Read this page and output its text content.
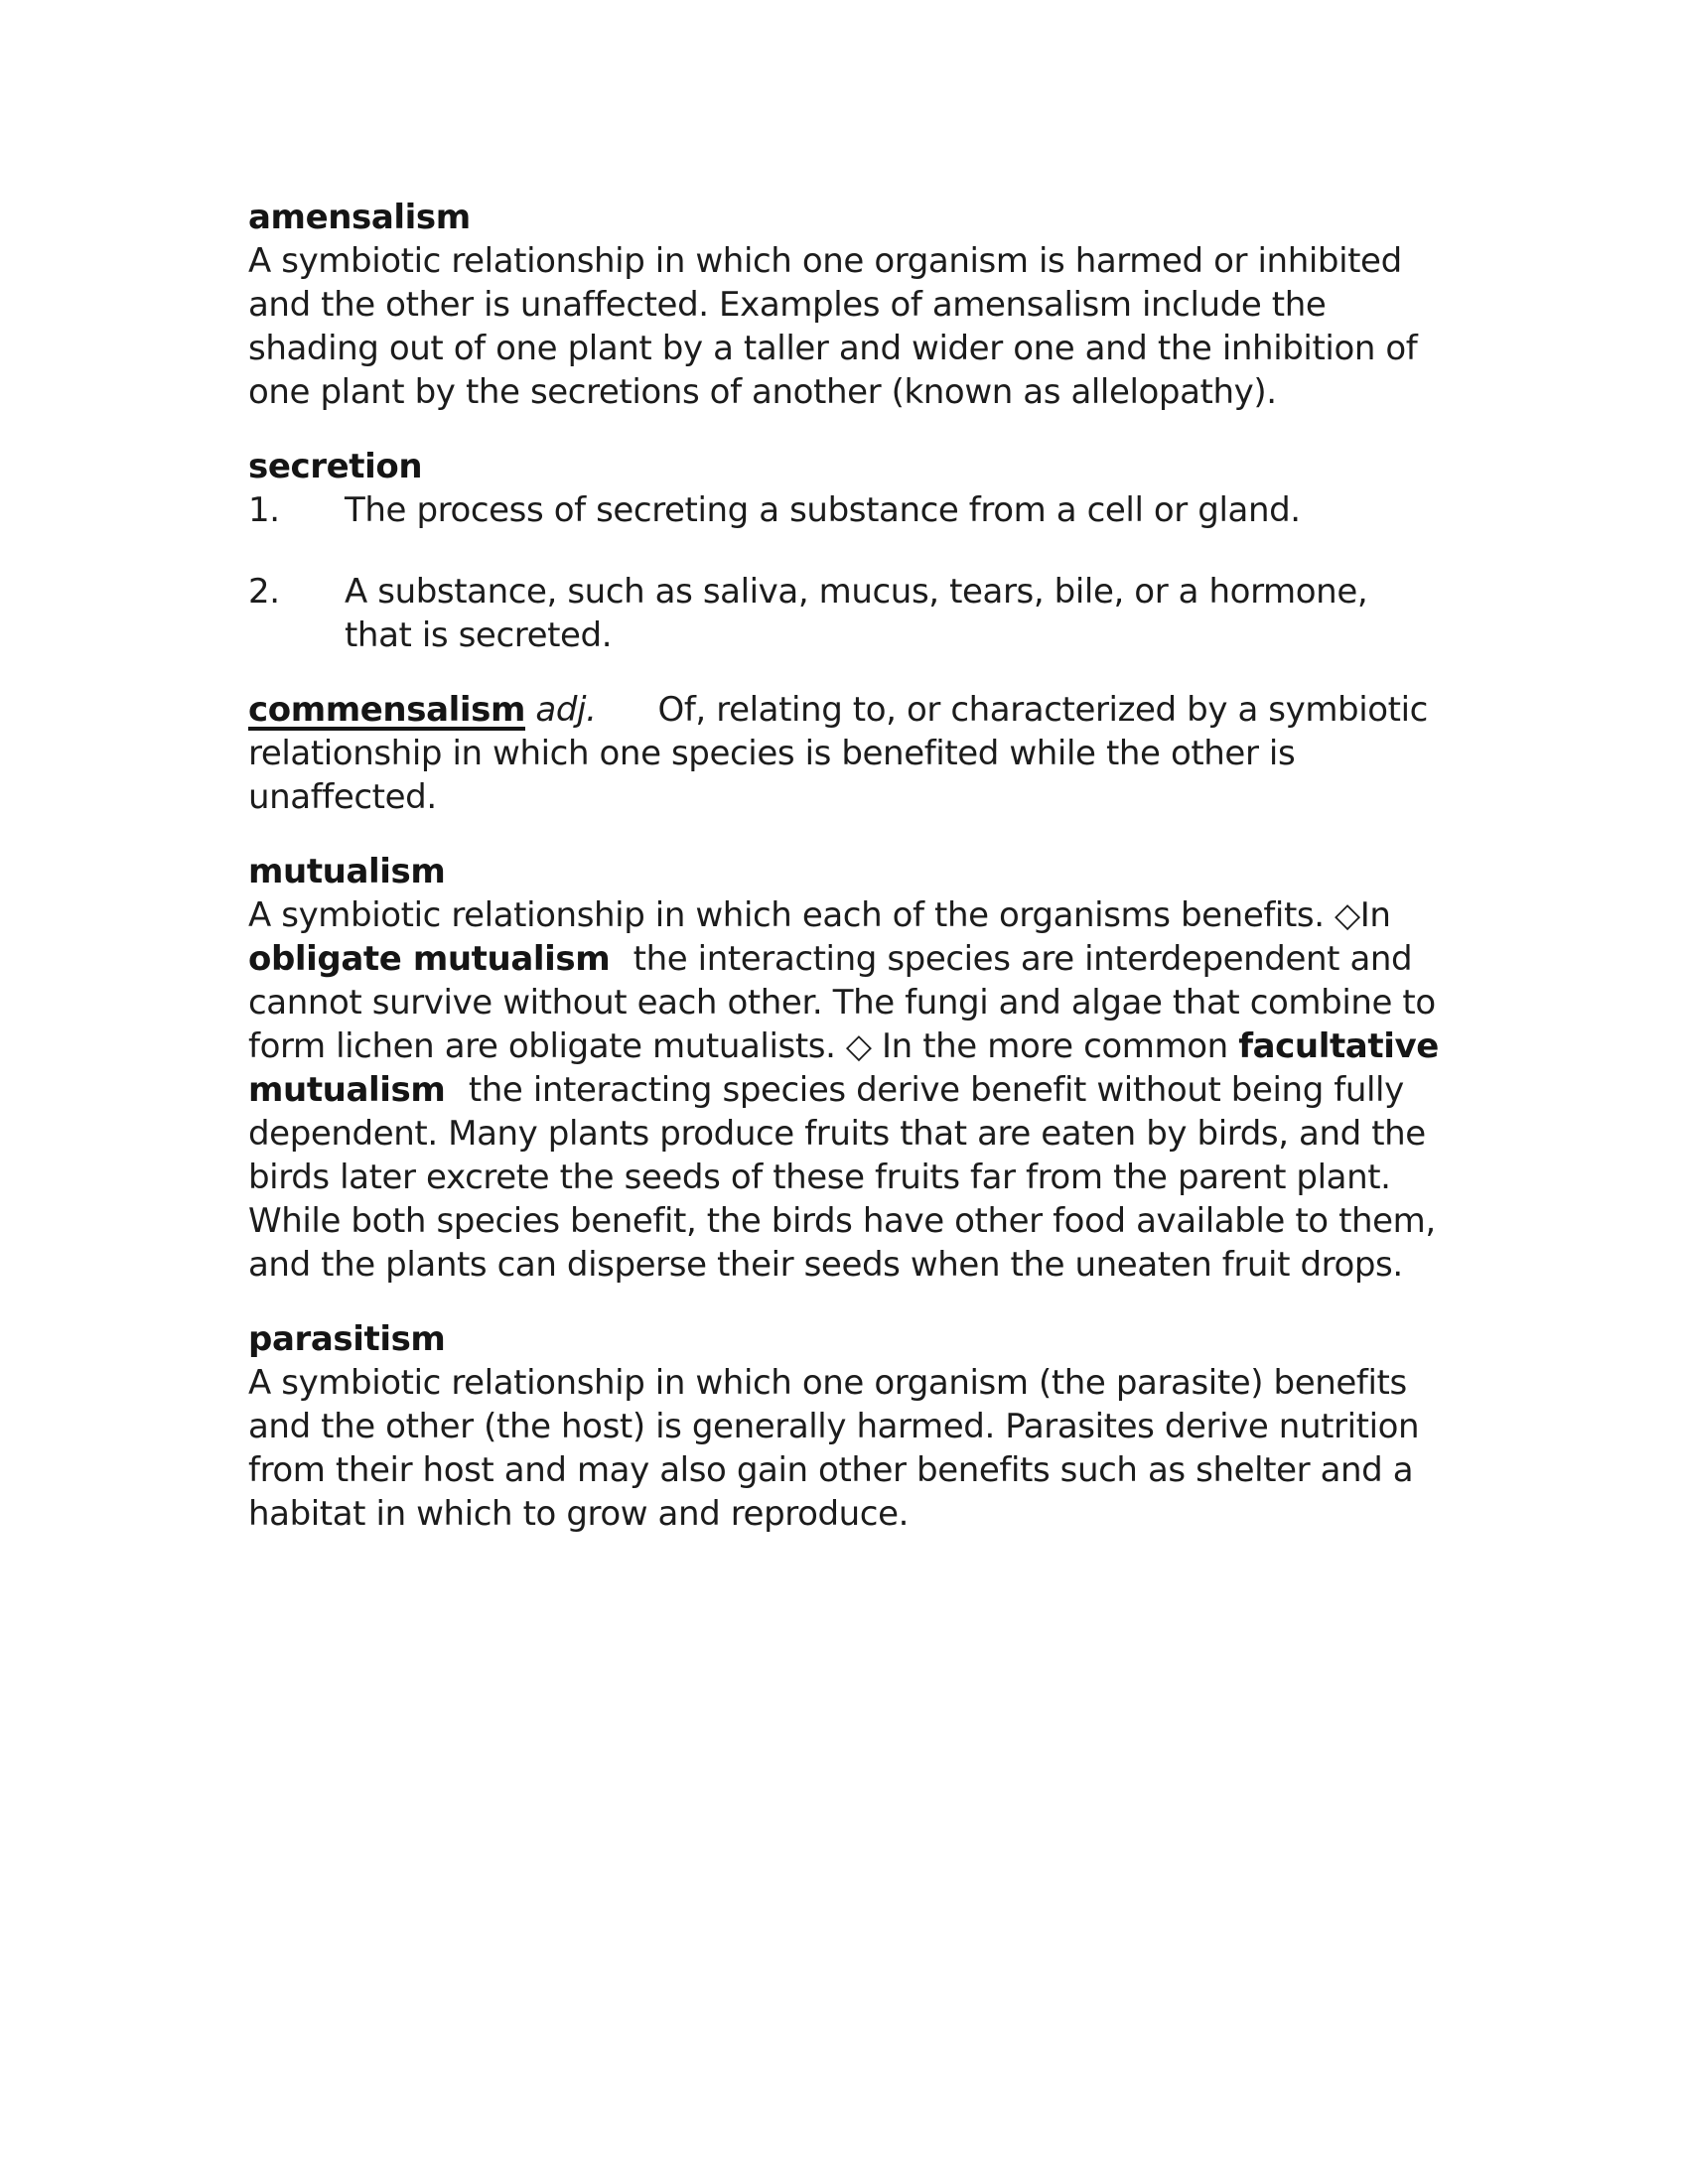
amensalism

A symbiotic relationship in which one organism is harmed or inhibited and the other is unaffected. Examples of amensalism include the shading out of one plant by a taller and wider one and the inhibition of one plant by the secretions of another (known as allelopathy).

secretion
1.	The process of secreting a substance from a cell or gland.

2.	A substance, such as saliva, mucus, tears, bile, or a hormone, that is secreted.

commensalism adj. Of, relating to, or characterized by a symbiotic relationship in which one species is benefited while the other is unaffected.

mutualism

A symbiotic relationship in which each of the organisms benefits. ◇In obligate mutualism the interacting species are interdependent and cannot survive without each other. The fungi and algae that combine to form lichen are obligate mutualists. ◇ In the more common facultative mutualism the interacting species derive benefit without being fully dependent. Many plants produce fruits that are eaten by birds, and the birds later excrete the seeds of these fruits far from the parent plant. While both species benefit, the birds have other food available to them, and the plants can disperse their seeds when the uneaten fruit drops.

parasitism

A symbiotic relationship in which one organism (the parasite) benefits and the other (the host) is generally harmed. Parasites derive nutrition from their host and may also gain other benefits such as shelter and a habitat in which to grow and reproduce.
